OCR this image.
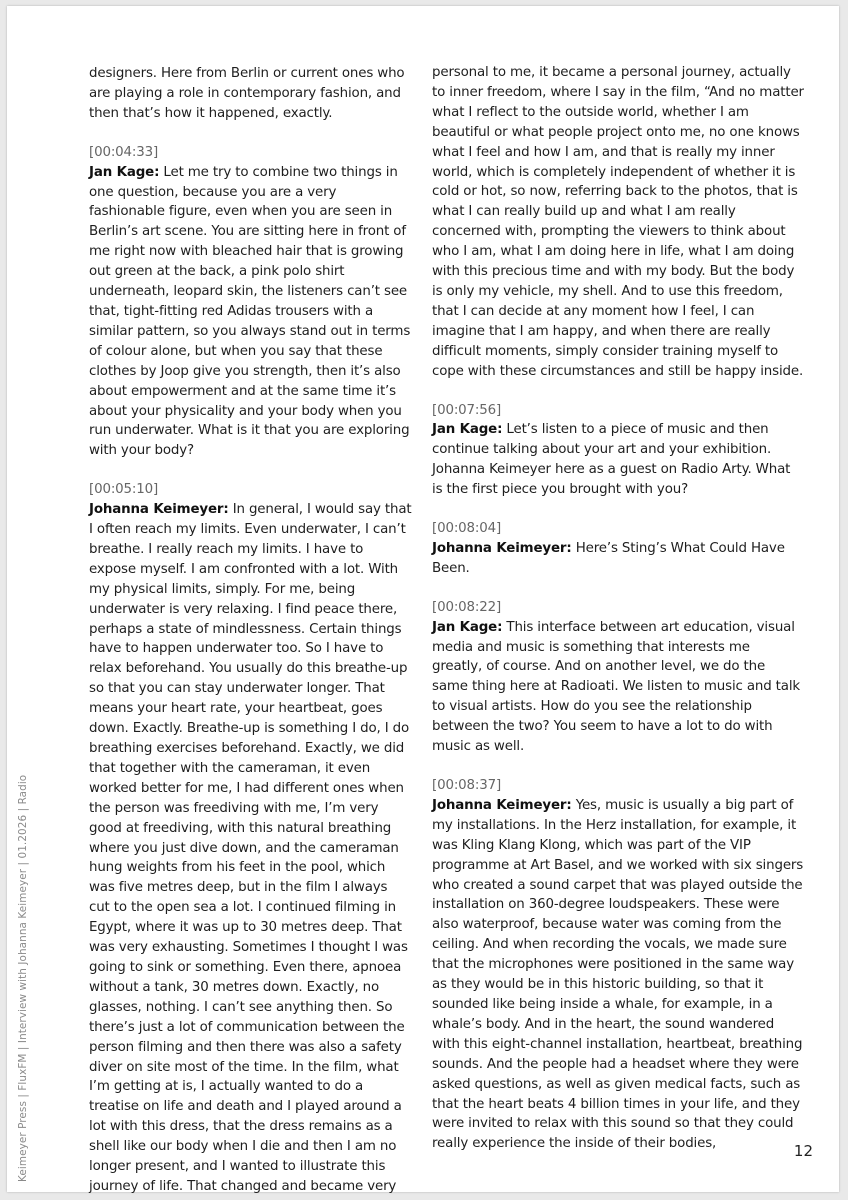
designers. Here from Berlin or current ones who are playing a role in contemporary fashion, and then that’s how it happened, exactly.

[00:04:33]

Jan Kage: Let me try to combine two things in one question, because you are a very fashionable figure, even when you are seen in Berlin’s art scene. You are sitting here in front of me right now with bleached hair that is growing out green at the back, a pink polo shirt underneath, leopard skin, the listeners can’t see that, tight-fitting red Adidas trousers with a similar pattern, so you always stand out in terms of colour alone, but when you say that these clothes by Joop give you strength, then it’s also about empowerment and at the same time it’s about your physicality and your body when you run underwater. What is it that you are exploring with your body?

[00:05:10]

Johanna Keimeyer: In general, I would say that I often reach my limits. Even underwater, I can’t breathe. I really reach my limits. I have to expose myself. I am confronted with a lot. With my physical limits, simply. For me, being underwater is very relaxing. I find peace there, perhaps a state of mindlessness. Certain things have to happen underwater too. So I have to relax beforehand. You usually do this breathe-up so that you can stay underwater longer. That means your heart rate, your heartbeat, goes down. Exactly. Breathe-up is something I do, I do breathing exercises beforehand. Exactly, we did that together with the cameraman, it even worked better for me, I had different ones when the person was freediving with me, I’m very good at freediving, with this natural breathing where you just dive down, and the cameraman hung weights from his feet in the pool, which was five metres deep, but in the film I always cut to the open sea a lot. I continued filming in Egypt, where it was up to 30 metres deep. That was very exhausting. Sometimes I thought I was going to sink or something. Even there, apnoea without a tank, 30 metres down. Exactly, no glasses, nothing. I can’t see anything then. So there’s just a lot of communication between the person filming and then there was also a safety diver on site most of the time. In the film, what I’m getting at is, I actually wanted to do a treatise on life and death and I played around a lot with this dress, that the dress remains as a shell like our body when I die and then I am no longer present, and I wanted to illustrate this journey of life. That changed and became very

personal to me, it became a personal journey, actually to inner freedom, where I say in the film, “And no matter what I reflect to the outside world, whether I am beautiful or what people project onto me, no one knows what I feel and how I am, and that is really my inner world, which is completely independent of whether it is cold or hot, so now, referring back to the photos, that is what I can really build up and what I am really concerned with, prompting the viewers to think about who I am, what I am doing here in life, what I am doing with this precious time and with my body. But the body is only my vehicle, my shell. And to use this freedom, that I can decide at any moment how I feel, I can imagine that I am happy, and when there are really difficult moments, simply consider training myself to cope with these circumstances and still be happy inside.

[00:07:56]

Jan Kage: Let’s listen to a piece of music and then continue talking about your art and your exhibition. Johanna Keimeyer here as a guest on Radio Arty. What is the first piece you brought with you?

[00:08:04]

Johanna Keimeyer: Here’s Sting’s What Could Have Been.

[00:08:22]

Jan Kage: This interface between art education, visual media and music is something that interests me greatly, of course. And on another level, we do the same thing here at Radioati. We listen to music and talk to visual artists. How do you see the relationship between the two? You seem to have a lot to do with music as well.

[00:08:37]

Johanna Keimeyer: Yes, music is usually a big part of my installations. In the Herz installation, for example, it was Kling Klang Klong, which was part of the VIP programme at Art Basel, and we worked with six singers who created a sound carpet that was played outside the installation on 360-degree loudspeakers. These were also waterproof, because water was coming from the ceiling. And when recording the vocals, we made sure that the microphones were positioned in the same way as they would be in this historic building, so that it sounded like being inside a whale, for example, in a whale’s body. And in the heart, the sound wandered with this eight-channel installation, heartbeat, breathing sounds. And the people had a headset where they were asked questions, as well as given medical facts, such as that the heart beats 4 billion times in your life, and they were invited to relax with this sound so that they could really experience the inside of their bodies,

Keimeyer Press | FluxFM | Interview with Johanna Keimeyer | 01.2026 | Radio	12
